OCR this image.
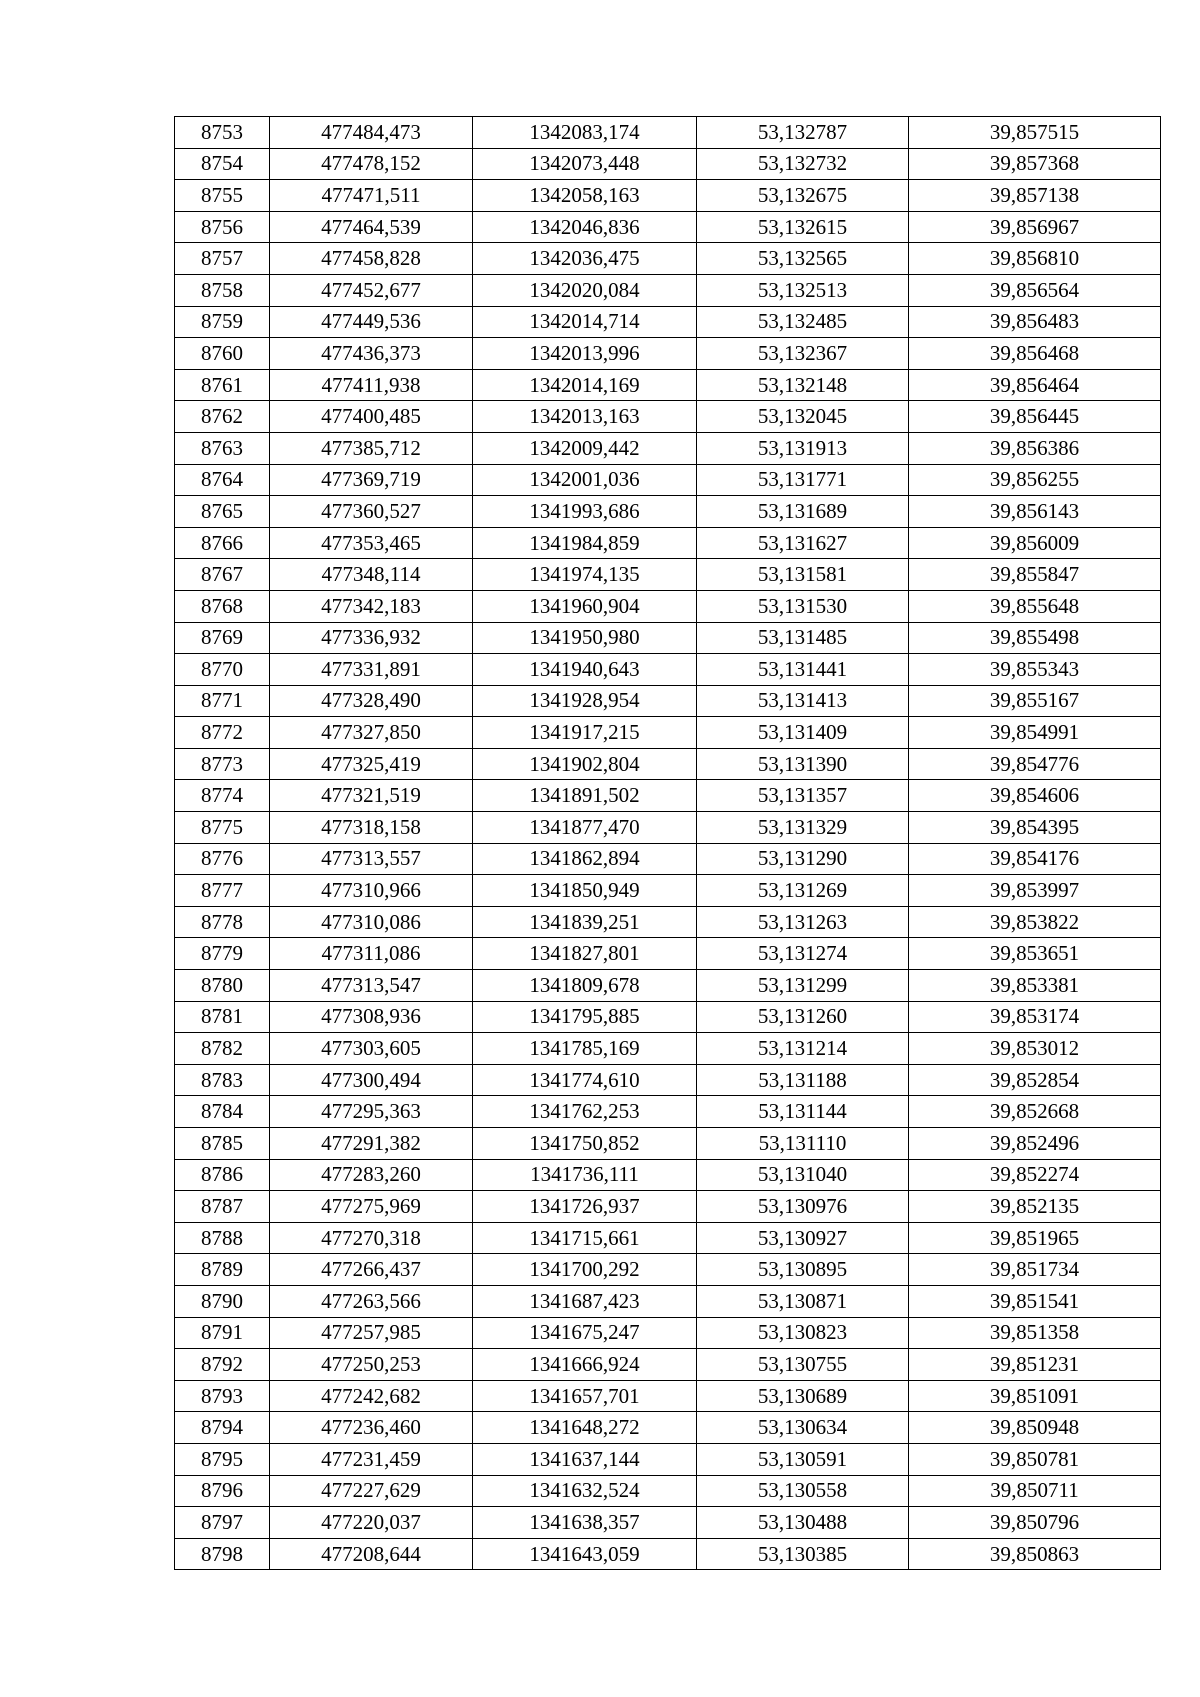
8753	477484,473	1342083,174	53,132787	39,857515
8754	477478,152	1342073,448	53,132732	39,857368
8755	477471,511	1342058,163	53,132675	39,857138
8756	477464,539	1342046,836	53,132615	39,856967
8757	477458,828	1342036,475	53,132565	39,856810
8758	477452,677	1342020,084	53,132513	39,856564
8759	477449,536	1342014,714	53,132485	39,856483
8760	477436,373	1342013,996	53,132367	39,856468
8761	477411,938	1342014,169	53,132148	39,856464
8762	477400,485	1342013,163	53,132045	39,856445
8763	477385,712	1342009,442	53,131913	39,856386
8764	477369,719	1342001,036	53,131771	39,856255
8765	477360,527	1341993,686	53,131689	39,856143
8766	477353,465	1341984,859	53,131627	39,856009
8767	477348,114	1341974,135	53,131581	39,855847
8768	477342,183	1341960,904	53,131530	39,855648
8769	477336,932	1341950,980	53,131485	39,855498
8770	477331,891	1341940,643	53,131441	39,855343
8771	477328,490	1341928,954	53,131413	39,855167
8772	477327,850	1341917,215	53,131409	39,854991
8773	477325,419	1341902,804	53,131390	39,854776
8774	477321,519	1341891,502	53,131357	39,854606
8775	477318,158	1341877,470	53,131329	39,854395
8776	477313,557	1341862,894	53,131290	39,854176
8777	477310,966	1341850,949	53,131269	39,853997
8778	477310,086	1341839,251	53,131263	39,853822
8779	477311,086	1341827,801	53,131274	39,853651
8780	477313,547	1341809,678	53,131299	39,853381
8781	477308,936	1341795,885	53,131260	39,853174
8782	477303,605	1341785,169	53,131214	39,853012
8783	477300,494	1341774,610	53,131188	39,852854
8784	477295,363	1341762,253	53,131144	39,852668
8785	477291,382	1341750,852	53,131110	39,852496
8786	477283,260	1341736,111	53,131040	39,852274
8787	477275,969	1341726,937	53,130976	39,852135
8788	477270,318	1341715,661	53,130927	39,851965
8789	477266,437	1341700,292	53,130895	39,851734
8790	477263,566	1341687,423	53,130871	39,851541
8791	477257,985	1341675,247	53,130823	39,851358
8792	477250,253	1341666,924	53,130755	39,851231
8793	477242,682	1341657,701	53,130689	39,851091
8794	477236,460	1341648,272	53,130634	39,850948
8795	477231,459	1341637,144	53,130591	39,850781
8796	477227,629	1341632,524	53,130558	39,850711
8797	477220,037	1341638,357	53,130488	39,850796
8798	477208,644	1341643,059	53,130385	39,850863
